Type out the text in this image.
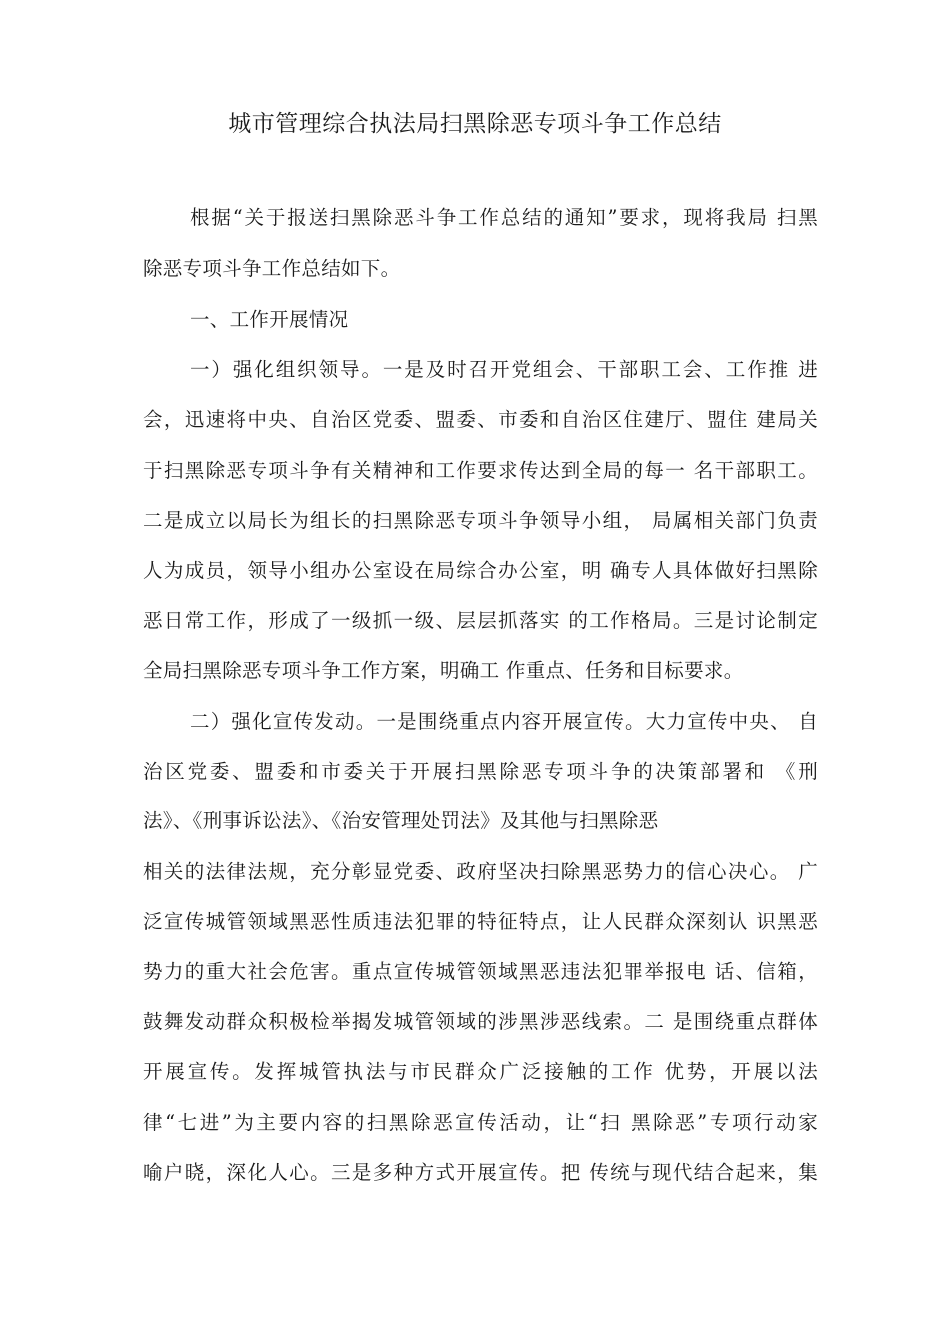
城市管理综合执法局扫黑除恶专项斗争工作总结
根据“关于报送扫黑除恶斗争工作总结的通知”要求，现将我局 扫黑
除恶专项斗争工作总结如下。
一、工作开展情况
一）强化组织领导。一是及时召开党组会、干部职工会、工作推 进
会，迅速将中央、自治区党委、盟委、市委和自治区住建厅、盟住 建局关
于扫黑除恶专项斗争有关精神和工作要求传达到全局的每一 名干部职工。
二是成立以局长为组长的扫黑除恶专项斗争领导小组， 局属相关部门负责
人为成员，领导小组办公室设在局综合办公室，明 确专人具体做好扫黑除
恶日常工作，形成了一级抓一级、层层抓落实 的工作格局。三是讨论制定
全局扫黑除恶专项斗争工作方案，明确工 作重点、任务和目标要求。
二）强化宣传发动。一是围绕重点内容开展宣传。大力宣传中央、 自
治区党委、盟委和市委关于开展扫黑除恶专项斗争的决策部署和 《刑
法》、《刑事诉讼法》、《治安管理处罚法》及其他与扫黑除恶
相关的法律法规，充分彰显党委、政府坚决扫除黑恶势力的信心决心。 广
泛宣传城管领域黑恶性质违法犯罪的特征特点，让人民群众深刻认 识黑恶
势力的重大社会危害。重点宣传城管领域黑恶违法犯罪举报电 话、信箱，
鼓舞发动群众积极检举揭发城管领域的涉黑涉恶线索。二 是围绕重点群体
开展宣传。发挥城管执法与市民群众广泛接触的工作 优势，开展以法
律“七进”为主要内容的扫黑除恶宣传活动，让“扫 黑除恶”专项行动家
喻户晓，深化人心。三是多种方式开展宣传。把 传统与现代结合起来，集
